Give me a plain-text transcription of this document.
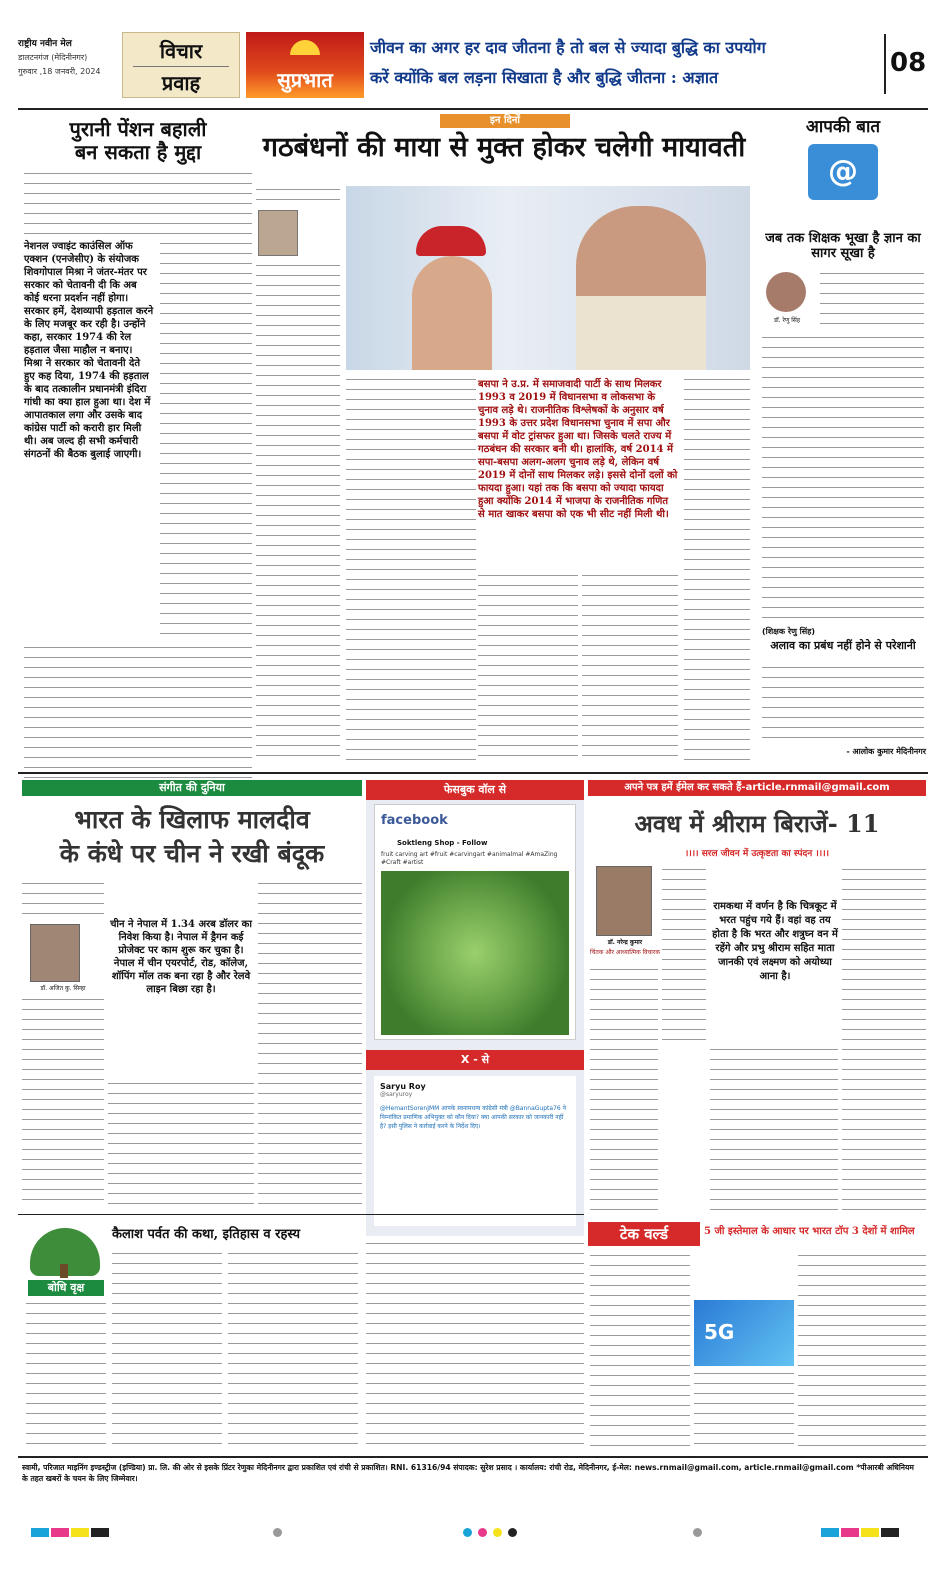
राष्ट्रीय नवीन मेल
डालटनगंज (मेदिनीनगर)
गुरुवार ,18 जनवरी, 2024
विचार
प्रवाह	सुप्रभात
जीवन का अगर हर दाव जीतना है तो बल से ज्यादा बुद्धि का उपयोग
करें क्योंकि बल लड़ना सिखाता है और बुद्धि जीतना : अज्ञात	08
पुरानी पेंशन बहाली
बन सकता है मुद्दा
नेशनल ज्वाइंट काउंसिल ऑफ एक्शन (एनजेसीए) के संयोजक शिवगोपाल मिश्रा ने जंतर-मंतर पर सरकार को चेतावनी दी कि अब कोई धरना प्रदर्शन नहीं होगा। सरकार हमें, देशव्यापी हड़ताल करने के लिए मजबूर कर रही है। उन्होंने कहा, सरकार 1974 की रेल हड़ताल जैसा माहौल न बनाए। मिश्रा ने सरकार को चेतावनी देते हुए कह दिया, 1974 की हड़ताल के बाद तत्कालीन प्रधानमंत्री इंदिरा गांधी का क्या हाल हुआ था। देश में आपातकाल लगा और उसके बाद कांग्रेस पार्टी को करारी हार मिली थी। अब जल्द ही सभी कर्मचारी संगठनों की बैठक बुलाई जाएगी।
इन दिनों
गठबंधनों की माया से मुक्त होकर चलेगी मायावती
बसपा ने उ.प्र. में समाजवादी पार्टी के साथ मिलकर 1993 व 2019 में विधानसभा व लोकसभा के चुनाव लड़े थे। राजनीतिक विश्लेषकों के अनुसार वर्ष 1993 के उत्तर प्रदेश विधानसभा चुनाव में सपा और बसपा में वोट ट्रांसफर हुआ था। जिसके चलते राज्य में गठबंधन की सरकार बनी थी। हालांकि, वर्ष 2014 में सपा-बसपा अलग-अलग चुनाव लड़े थे, लेकिन वर्ष 2019 में दोनों साथ मिलकर लड़े। इससे दोनों दलों को फायदा हुआ। यहां तक कि बसपा को ज्यादा फायदा हुआ क्योंकि 2014 में भाजपा के राजनीतिक गणित से मात खाकर बसपा को एक भी सीट नहीं मिली थी।
आपकी बात
@
जब तक शिक्षक भूखा है ज्ञान का सागर सूखा है
डॉ. रेणु सिंह
(शिक्षक रेणु सिंह)
अलाव का प्रबंध नहीं होने से परेशानी
- आलोक कुमार मेदिनीनगर
संगीत की दुनिया
भारत के खिलाफ मालदीव
के कंधे पर चीन ने रखी बंदूक
डॉ. अजित कु. सिन्हा
चीन ने नेपाल में 1.34 अरब डॉलर का निवेश किया है। नेपाल में ड्रैगन कई प्रोजेक्ट पर काम शुरू कर चुका है। नेपाल में चीन एयरपोर्ट, रोड, कॉलेज, शॉपिंग मॉल तक बना रहा है और रेलवे लाइन बिछा रहा है।
फेसबुक वॉल से
facebook
Soktleng Shop - Follow
fruit carving art #fruit #carvingart #animalmal #AmaZing #Craft #artist
X - से
Saryu Roy
@saryuroy
@HemantSorenJMM आपके स्वनामधन्य कांग्रेसी मंत्री @BannaGupta76 ने निम्नांकित प्रमाणिक अभियुक्त को कौन दिया? क्या आपकी सरकार को जानकारी नहीं है? इसी पुलिस ने कार्रवाई करने के निर्देश दिए।
अपने पत्र हमें ईमेल कर सकते हैं-article.rnmail@gmail.com
अवध में श्रीराम बिराजें- 11
।।।। सरल जीवन में उत्कृष्टता का स्पंदन ।।।।
डॉ. नरेन्द्र कुमार
चिंतक और आध्यात्मिक विचारक
रामकथा में वर्णन है कि चित्रकूट में भरत पहुंच गये हैं। वहां वह तय होता है कि भरत और शत्रुघ्न वन में रहेंगे और प्रभु श्रीराम सहित माता जानकी एवं लक्ष्मण को अयोध्या आना है।
बोधि वृक्ष
कैलाश पर्वत की कथा, इतिहास व रहस्य	टेक वर्ल्ड	5 जी इस्तेमाल के आधार पर भारत टॉप 3 देशों में शामिल
5G
स्वामी, परिजात माइनिंग इण्डस्ट्रीज (इण्डिया) प्रा. लि. की ओर से इसके प्रिंटर रेणुका मेदिनीनगर द्वारा प्रकाशित एवं रांची से प्रकाशित। RNI. 61316/94 संपादक: सुरेश प्रसाद । कार्यालय: रांची रोड, मेदिनीनगर, ई-मेल: news.rnmail@gmail.com, article.rnmail@gmail.com *पीआरबी अधिनियम के तहत खबरों के चयन के लिए जिम्मेवार।
